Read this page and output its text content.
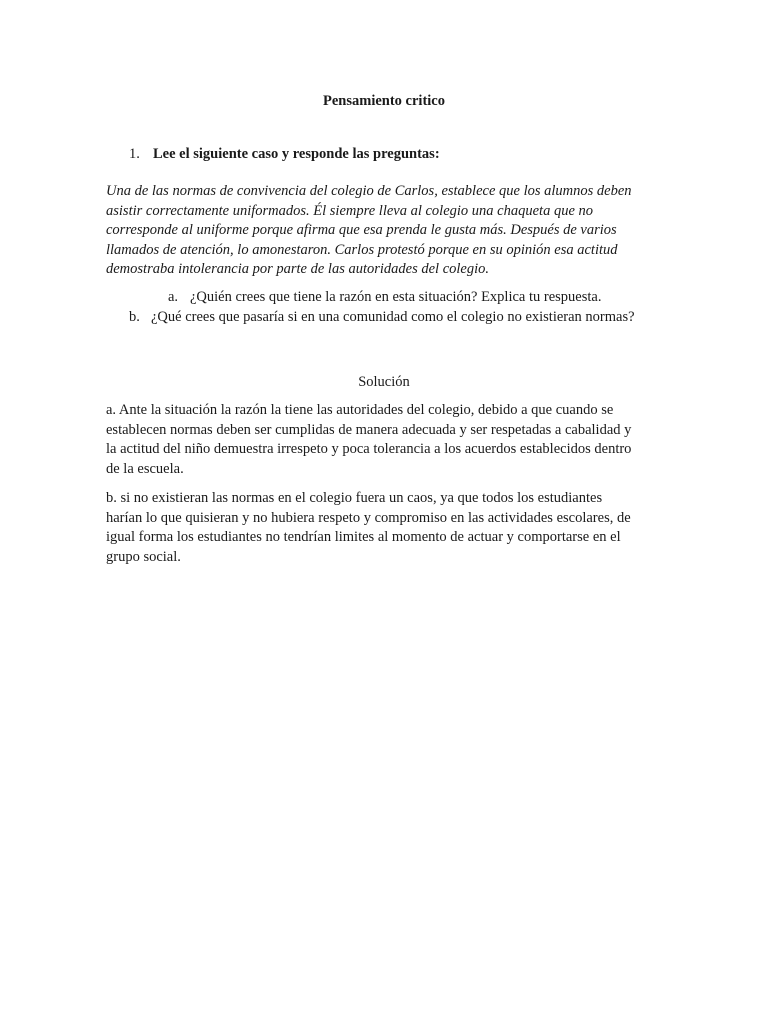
Pensamiento critico
1. Lee el siguiente caso y responde las preguntas:
Una de las normas de convivencia del colegio de Carlos, establece que los alumnos deben
asistir correctamente uniformados. Él siempre lleva al colegio una chaqueta que no
corresponde al uniforme porque afirma que esa prenda le gusta más. Después de varios
llamados de atención, lo amonestaron. Carlos protestó porque en su opinión esa actitud
demostraba intolerancia por parte de las autoridades del colegio.
a. ¿Quién crees que tiene la razón en esta situación? Explica tu respuesta.
b. ¿Qué crees que pasaría si en una comunidad como el colegio no existieran normas?
Solución
a. Ante la situación la razón la tiene las autoridades del colegio, debido a que cuando se
establecen normas deben ser cumplidas de manera adecuada y ser respetadas a cabalidad y
la actitud del niño demuestra irrespeto y poca tolerancia a los acuerdos establecidos dentro
de la escuela.
b. si no existieran las normas en el colegio fuera un caos, ya que todos los estudiantes
harían lo que quisieran y no hubiera respeto y compromiso en las actividades escolares, de
igual forma los estudiantes no tendrían limites al momento de actuar y comportarse en el
grupo social.
